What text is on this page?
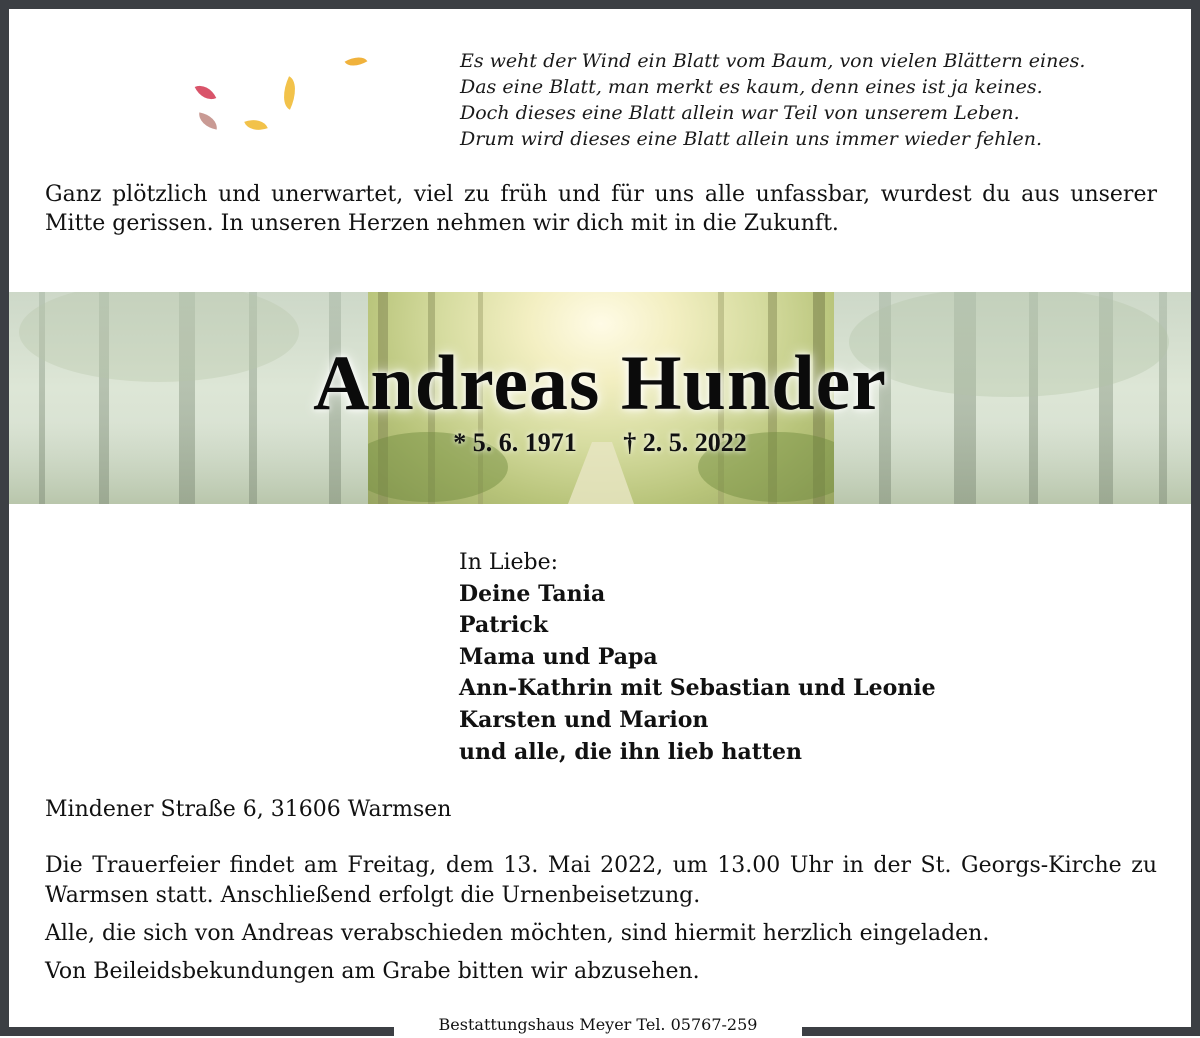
Es weht der Wind ein Blatt vom Baum, von vielen Blättern eines.
Das eine Blatt, man merkt es kaum, denn eines ist ja keines.
Doch dieses eine Blatt allein war Teil von unserem Leben.
Drum wird dieses eine Blatt allein uns immer wieder fehlen.
Ganz plötzlich und unerwartet, viel zu früh und für uns alle unfassbar, wurdest du aus unserer Mitte gerissen. In unseren Herzen nehmen wir dich mit in die Zukunft.
Andreas Hunder
* 5. 6. 1971 † 2. 5. 2022
In Liebe:
Deine Tania
Patrick
Mama und Papa
Ann-Kathrin mit Sebastian und Leonie
Karsten und Marion
und alle, die ihn lieb hatten
Mindener Straße 6, 31606 Warmsen

Die Trauerfeier findet am Freitag, dem 13. Mai 2022, um 13.00 Uhr in der St. Georgs-Kirche zu Warmsen statt. Anschließend erfolgt die Urnenbeisetzung.

Alle, die sich von Andreas verabschieden möchten, sind hiermit herzlich eingeladen.

Von Beileidsbekundungen am Grabe bitten wir abzusehen.

Bestattungshaus Meyer Tel. 05767-259
